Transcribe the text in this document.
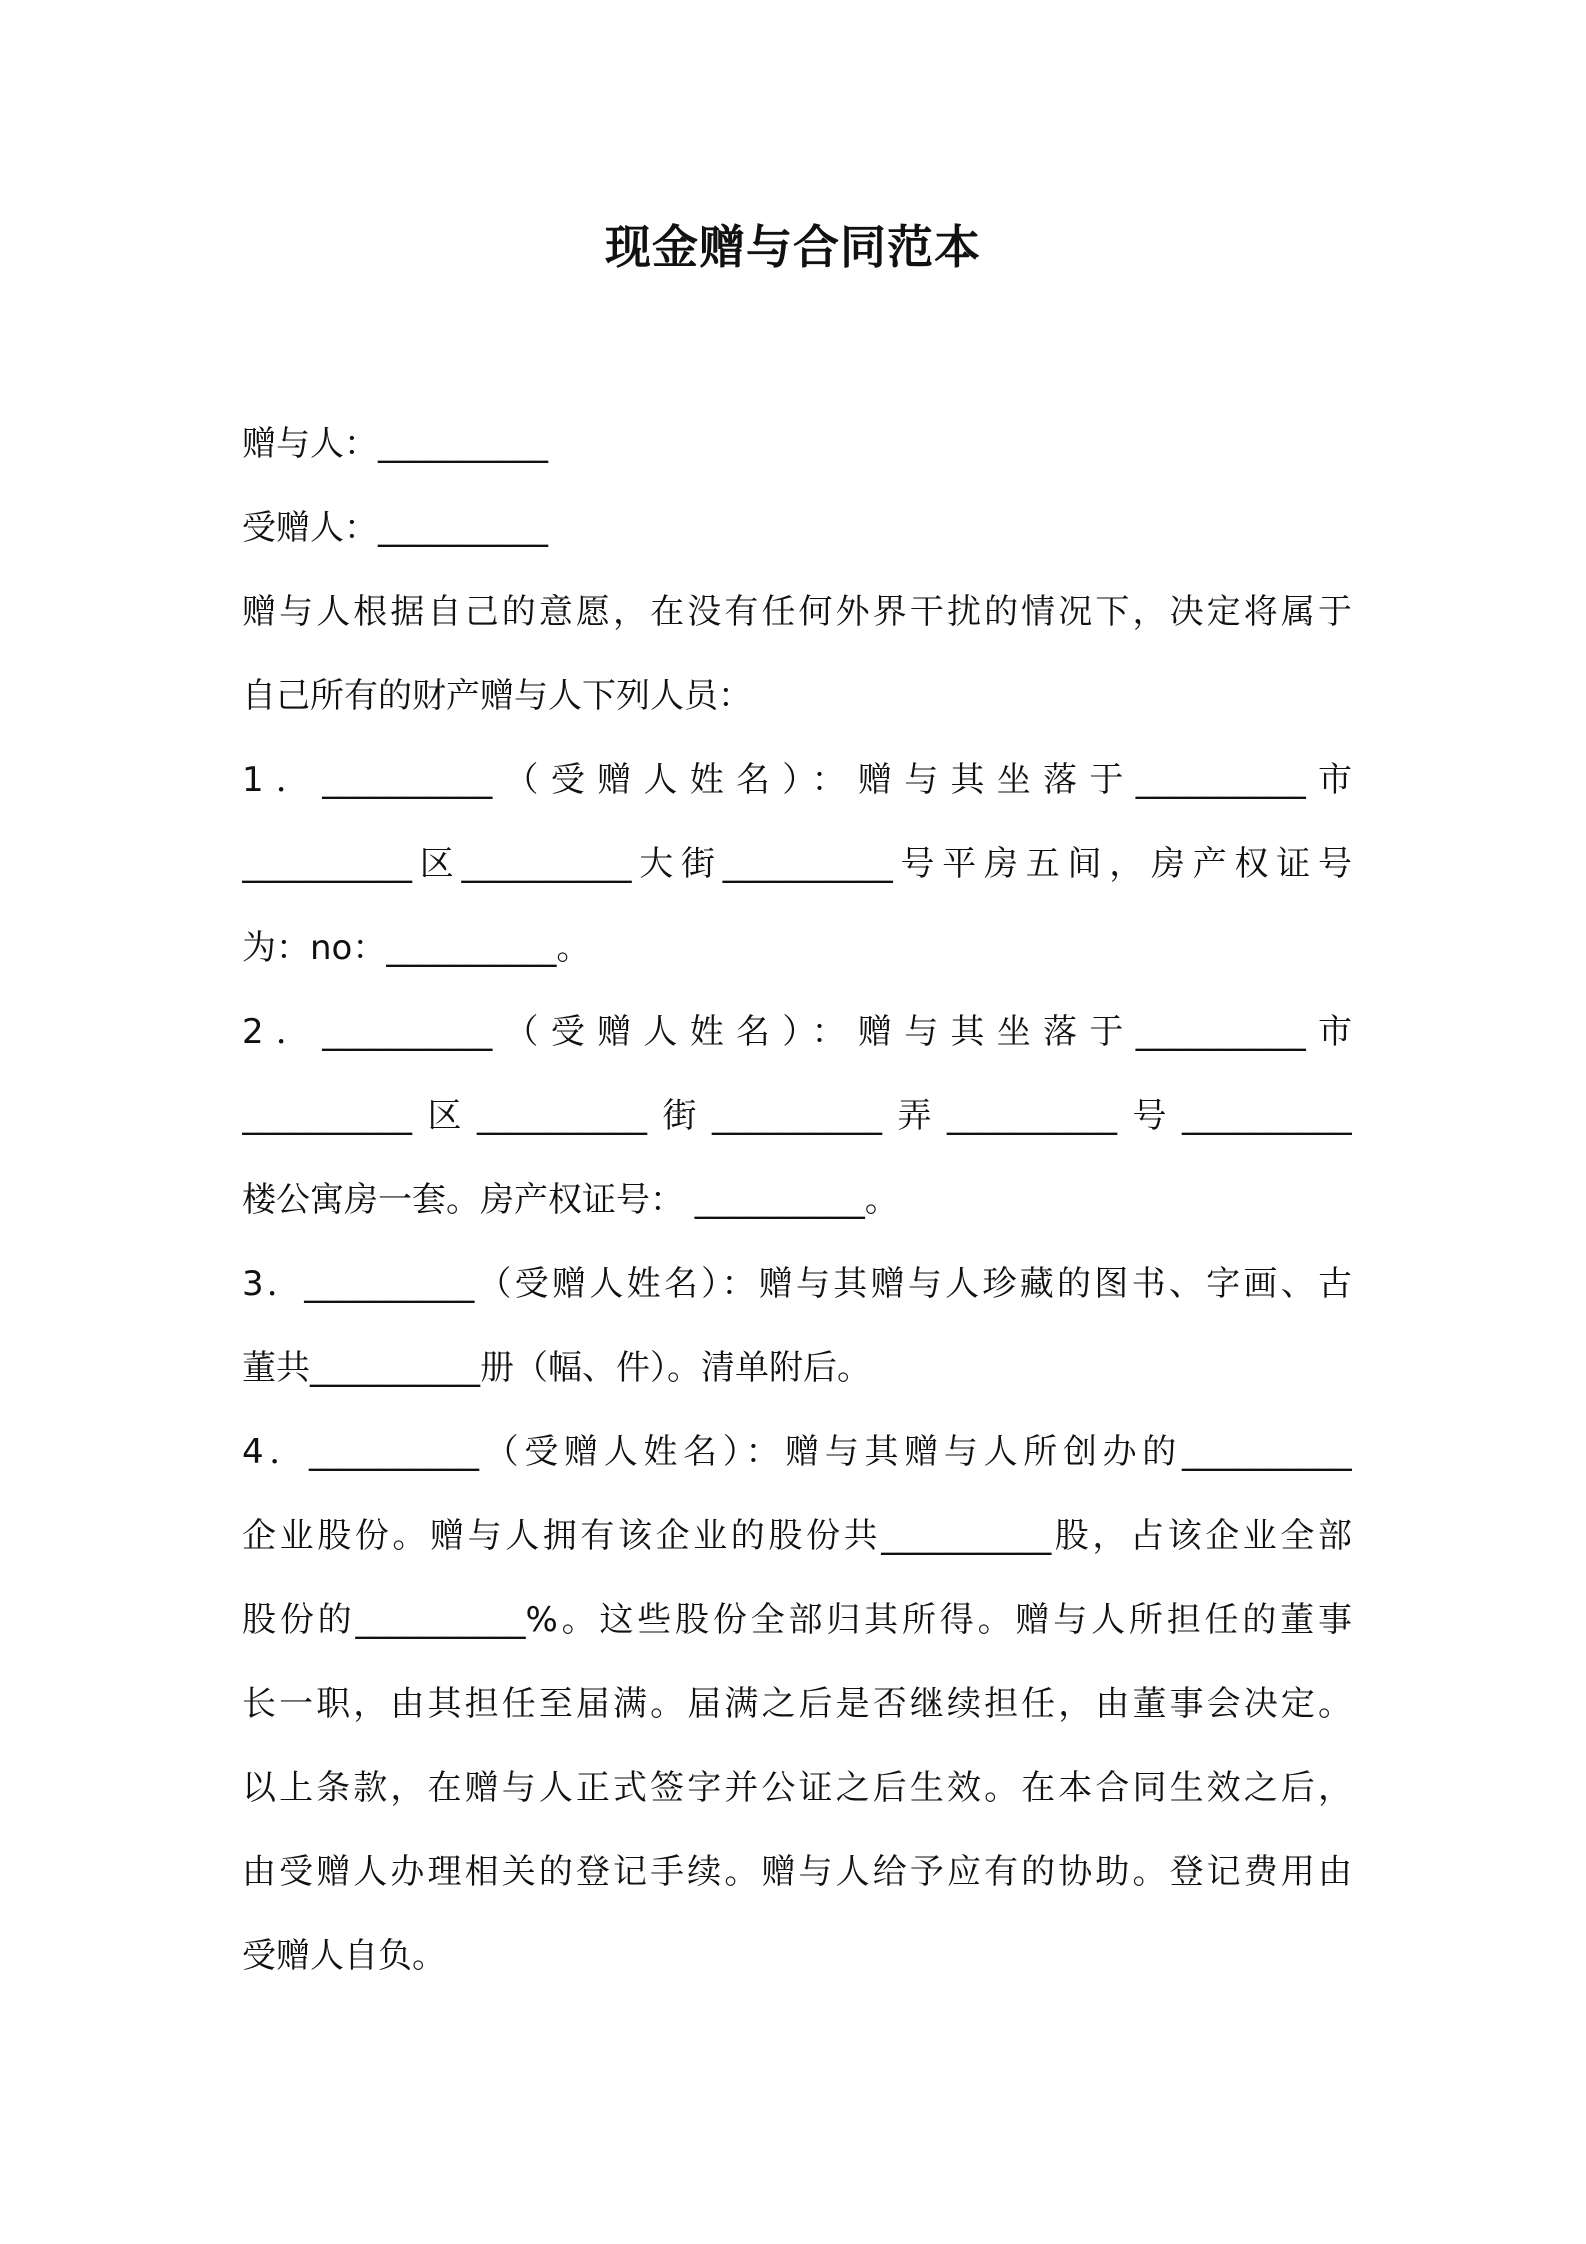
现金赠与合同范本
赠与人：__________
受赠人：__________
赠与人根据自己的意愿，在没有任何外界干扰的情况下，决定将属于
自己所有的财产赠与人下列人员：
1．__________（受赠人姓名）：赠与其坐落于__________市
__________区__________大街__________号平房五间，房产权证号
为：no：__________。
2．__________（受赠人姓名）：赠与其坐落于__________市
__________区__________街__________弄__________号__________
楼公寓房一套。房产权证号： __________。
3．__________（受赠人姓名）：赠与其赠与人珍藏的图书、字画、古
董共__________册（幅、件）。清单附后。
4．__________（受赠人姓名）：赠与其赠与人所创办的__________
企业股份。赠与人拥有该企业的股份共__________股，占该企业全部
股份的__________%。这些股份全部归其所得。赠与人所担任的董事
长一职，由其担任至届满。届满之后是否继续担任，由董事会决定。
以上条款，在赠与人正式签字并公证之后生效。在本合同生效之后，
由受赠人办理相关的登记手续。赠与人给予应有的协助。登记费用由
受赠人自负。
